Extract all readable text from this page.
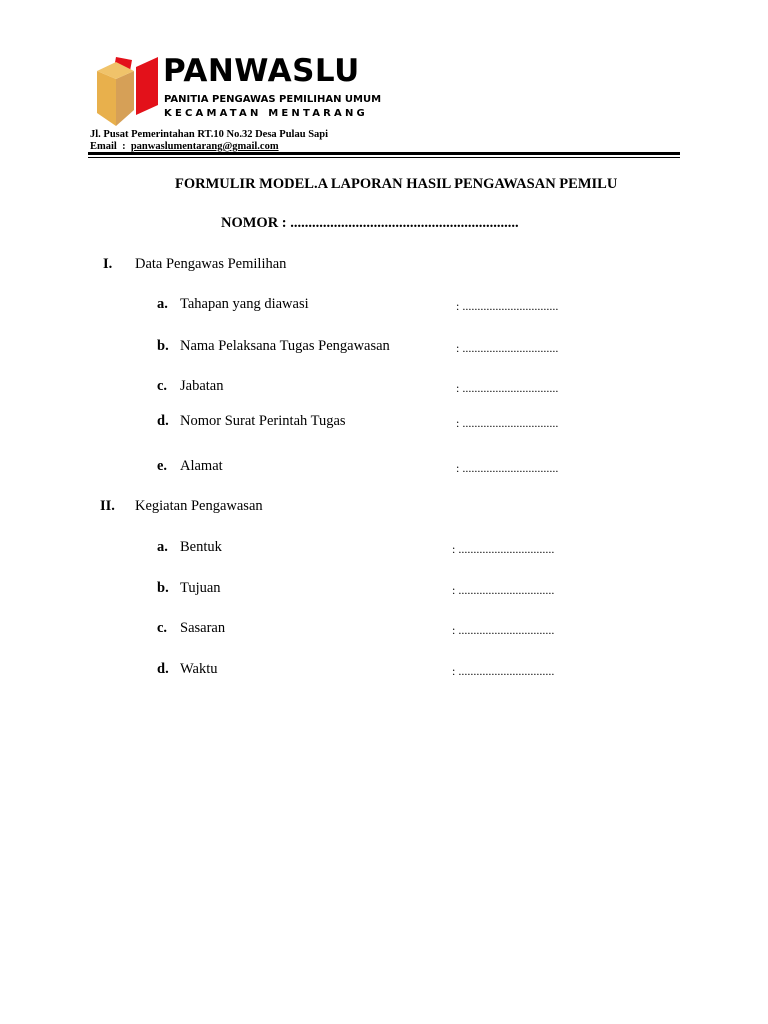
PANWASLU
PANITIA PENGAWAS PEMILIHAN UMUM
KECAMATAN MENTARANG
Jl. Pusat Pemerintahan RT.10 No.32 Desa Pulau Sapi
Email  :  panwaslumentarang@gmail.com
FORMULIR MODEL.A LAPORAN HASIL PENGAWASAN PEMILU
NOMOR : ...............................................................
I. Data Pengawas Pemilihan
a. Tahapan yang diawasi	: ................................
b. Nama Pelaksana Tugas Pengawasan	: ................................
c. Jabatan	: ................................
d. Nomor Surat Perintah Tugas	: ................................
e. Alamat	: ................................
II. Kegiatan Pengawasan
a. Bentuk	: ................................
b. Tujuan	: ................................
c. Sasaran	: ................................
d. Waktu	: ................................
